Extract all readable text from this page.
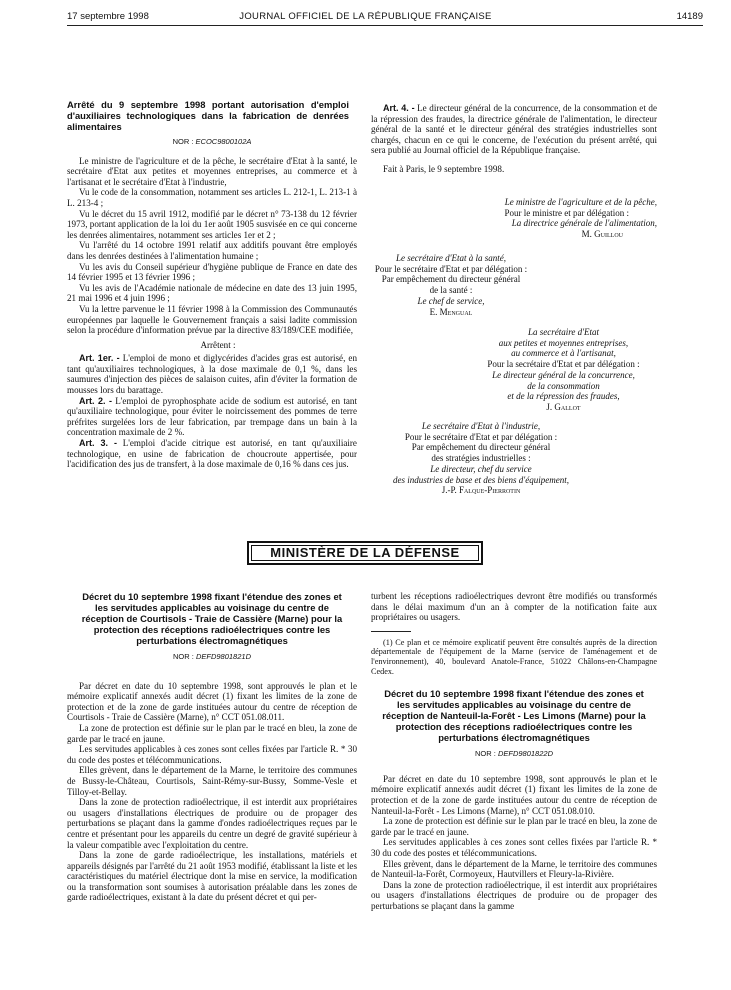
17 septembre 1998	JOURNAL OFFICIEL DE LA RÉPUBLIQUE FRANÇAISE	14189
Arrêté du 9 septembre 1998 portant autorisation d'emploi d'auxiliaires technologiques dans la fabrication de denrées alimentaires
NOR : ECOC9800102A

Le ministre de l'agriculture et de la pêche, le secrétaire d'Etat à la santé, le secrétaire d'Etat aux petites et moyennes entreprises, au commerce et à l'artisanat et le secrétaire d'Etat à l'industrie,

Vu le code de la consommation, notamment ses articles L. 212-1, L. 213-1 à L. 213-4 ;

Vu le décret du 15 avril 1912, modifié par le décret n° 73-138 du 12 février 1973, portant application de la loi du 1er août 1905 susvisée en ce qui concerne les denrées alimentaires, notamment ses articles 1er et 2 ;

Vu l'arrêté du 14 octobre 1991 relatif aux additifs pouvant être employés dans les denrées destinées à l'alimentation humaine ;

Vu les avis du Conseil supérieur d'hygiène publique de France en date des 14 février 1995 et 13 février 1996 ;

Vu les avis de l'Académie nationale de médecine en date des 13 juin 1995, 21 mai 1996 et 4 juin 1996 ;

Vu la lettre parvenue le 11 février 1998 à la Commission des Communautés européennes par laquelle le Gouvernement français a saisi ladite commission selon la procédure d'information prévue par la directive 83/189/CEE modifiée,

Arrêtent :

Art. 1er. - L'emploi de mono et diglycérides d'acides gras est autorisé, en tant qu'auxiliaires technologiques, à la dose maximale de 0,1 %, dans les saumures d'injection des pièces de salaison cuites, afin d'éviter la formation de mousses lors du barattage.

Art. 2. - L'emploi de pyrophosphate acide de sodium est autorisé, en tant qu'auxiliaire technologique, pour éviter le noircissement des pommes de terre préfrites surgelées lors de leur fabrication, par trempage dans un bain à la concentration maximale de 2 %.

Art. 3. - L'emploi d'acide citrique est autorisé, en tant qu'auxiliaire technologique, en usine de fabrication de choucroute appertisée, pour l'acidification des jus de transfert, à la dose maximale de 0,16 % dans ces jus.

Art. 4. - Le directeur général de la concurrence, de la consommation et de la répression des fraudes, la directrice générale de l'alimentation, le directeur général de la santé et le directeur général des stratégies industrielles sont chargés, chacun en ce qui le concerne, de l'exécution du présent arrêté, qui sera publié au Journal officiel de la République française.

Fait à Paris, le 9 septembre 1998.

Le ministre de l'agriculture et de la pêche,
Pour le ministre et par délégation :
La directrice générale de l'alimentation,
M. Guillou
Le secrétaire d'Etat à la santé,
Pour le secrétaire d'Etat et par délégation :
Par empêchement du directeur général
de la santé :
Le chef de service,
E. Mengual
La secrétaire d'Etat
aux petites et moyennes entreprises,
au commerce et à l'artisanat,
Pour la secrétaire d'Etat et par délégation :
Le directeur général de la concurrence,
de la consommation
et de la répression des fraudes,
J. Gallot
Le secrétaire d'Etat à l'industrie,
Pour le secrétaire d'Etat et par délégation :
Par empêchement du directeur général
des stratégies industrielles :
Le directeur, chef du service
des industries de base et des biens d'équipement,
J.-P. Falque-Pierrotin
MINISTÈRE DE LA DÉFENSE
Décret du 10 septembre 1998 fixant l'étendue des zones et les servitudes applicables au voisinage du centre de réception de Courtisols - Traie de Cassière (Marne) pour la protection des réceptions radioélectriques contre les perturbations électromagnétiques
NOR : DEFD9801821D

Par décret en date du 10 septembre 1998, sont approuvés le plan et le mémoire explicatif annexés audit décret (1) fixant les limites de la zone de protection et de la zone de garde instituées autour du centre de réception de Courtisols - Traie de Cassière (Marne), n° CCT 051.08.011.

La zone de protection est définie sur le plan par le tracé en bleu, la zone de garde par le tracé en jaune.

Les servitudes applicables à ces zones sont celles fixées par l'article R. * 30 du code des postes et télécommunications.

Elles grèvent, dans le département de la Marne, le territoire des communes de Bussy-le-Château, Courtisols, Saint-Rémy-sur-Bussy, Somme-Vesle et Tilloy-et-Bellay.

Dans la zone de protection radioélectrique, il est interdit aux propriétaires ou usagers d'installations électriques de produire ou de propager des perturbations se plaçant dans la gamme d'ondes radioélectriques reçues par le centre et présentant pour les appareils du centre un degré de gravité supérieur à la valeur compatible avec l'exploitation du centre.

Dans la zone de garde radioélectrique, les installations, matériels et appareils désignés par l'arrêté du 21 août 1953 modifié, établissant la liste et les caractéristiques du matériel électrique dont la mise en service, la modification ou la transformation sont soumises à autorisation préalable dans les zones de garde radioélectriques, existant à la date du présent décret et qui per-

turbent les réceptions radioélectriques devront être modifiés ou transformés dans le délai maximum d'un an à compter de la notification faite aux propriétaires ou usagers.

(1) Ce plan et ce mémoire explicatif peuvent être consultés auprès de la direction départementale de l'équipement de la Marne (service de l'aménagement et de l'environnement), 40, boulevard Anatole-France, 51022 Châlons-en-Champagne Cedex.

Décret du 10 septembre 1998 fixant l'étendue des zones et les servitudes applicables au voisinage du centre de réception de Nanteuil-la-Forêt - Les Limons (Marne) pour la protection des réceptions radioélectriques contre les perturbations électromagnétiques
NOR : DEFD9801822D

Par décret en date du 10 septembre 1998, sont approuvés le plan et le mémoire explicatif annexés audit décret (1) fixant les limites de la zone de protection et de la zone de garde instituées autour du centre de réception de Nanteuil-la-Forêt - Les Limons (Marne), n° CCT 051.08.010.

La zone de protection est définie sur le plan par le tracé en bleu, la zone de garde par le tracé en jaune.

Les servitudes applicables à ces zones sont celles fixées par l'article R. * 30 du code des postes et télécommunications.

Elles grèvent, dans le département de la Marne, le territoire des communes de Nanteuil-la-Forêt, Cormoyeux, Hautvillers et Fleury-la-Rivière.

Dans la zone de protection radioélectrique, il est interdit aux propriétaires ou usagers d'installations électriques de produire ou de propager des perturbations se plaçant dans la gamme
